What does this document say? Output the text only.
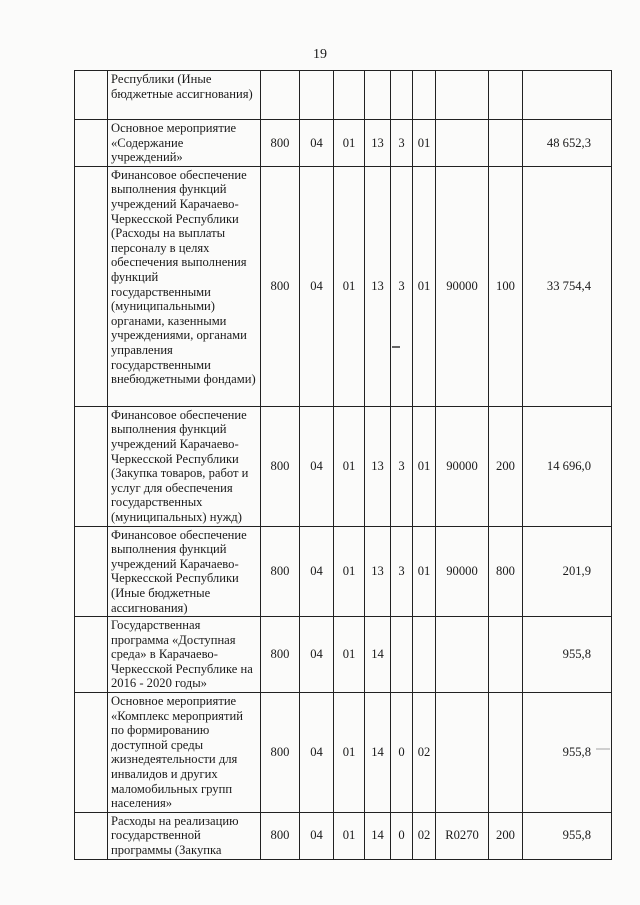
19
	Республики (Иные бюджетные ассигнования)									
	Основное мероприятие «Содержание учреждений»	800	04	01	13	3	01			48 652,3
	Финансовое обеспечение выполнения функций учреждений Карачаево-Черкесской Республики (Расходы на выплаты персоналу в целях обеспечения выполнения функций государственными (муниципальными) органами, казенными учреждениями, органами управления государственными внебюджетными фондами)	800	04	01	13	3	01	90000	100	33 754,4
	Финансовое обеспечение выполнения функций учреждений Карачаево-Черкесской Республики (Закупка товаров, работ и услуг для обеспечения государственных (муниципальных) нужд)	800	04	01	13	3	01	90000	200	14 696,0
	Финансовое обеспечение выполнения функций учреждений Карачаево-Черкесской Республики (Иные бюджетные ассигнования)	800	04	01	13	3	01	90000	800	201,9
	Государственная программа «Доступная среда» в Карачаево-Черкесской Республике на 2016 - 2020 годы»	800	04	01	14					955,8
	Основное мероприятие «Комплекс мероприятий по формированию доступной среды жизнедеятельности для инвалидов и других маломобильных групп населения»	800	04	01	14	0	02			955,8
	Расходы на реализацию государственной программы (Закупка	800	04	01	14	0	02	R0270	200	955,8
